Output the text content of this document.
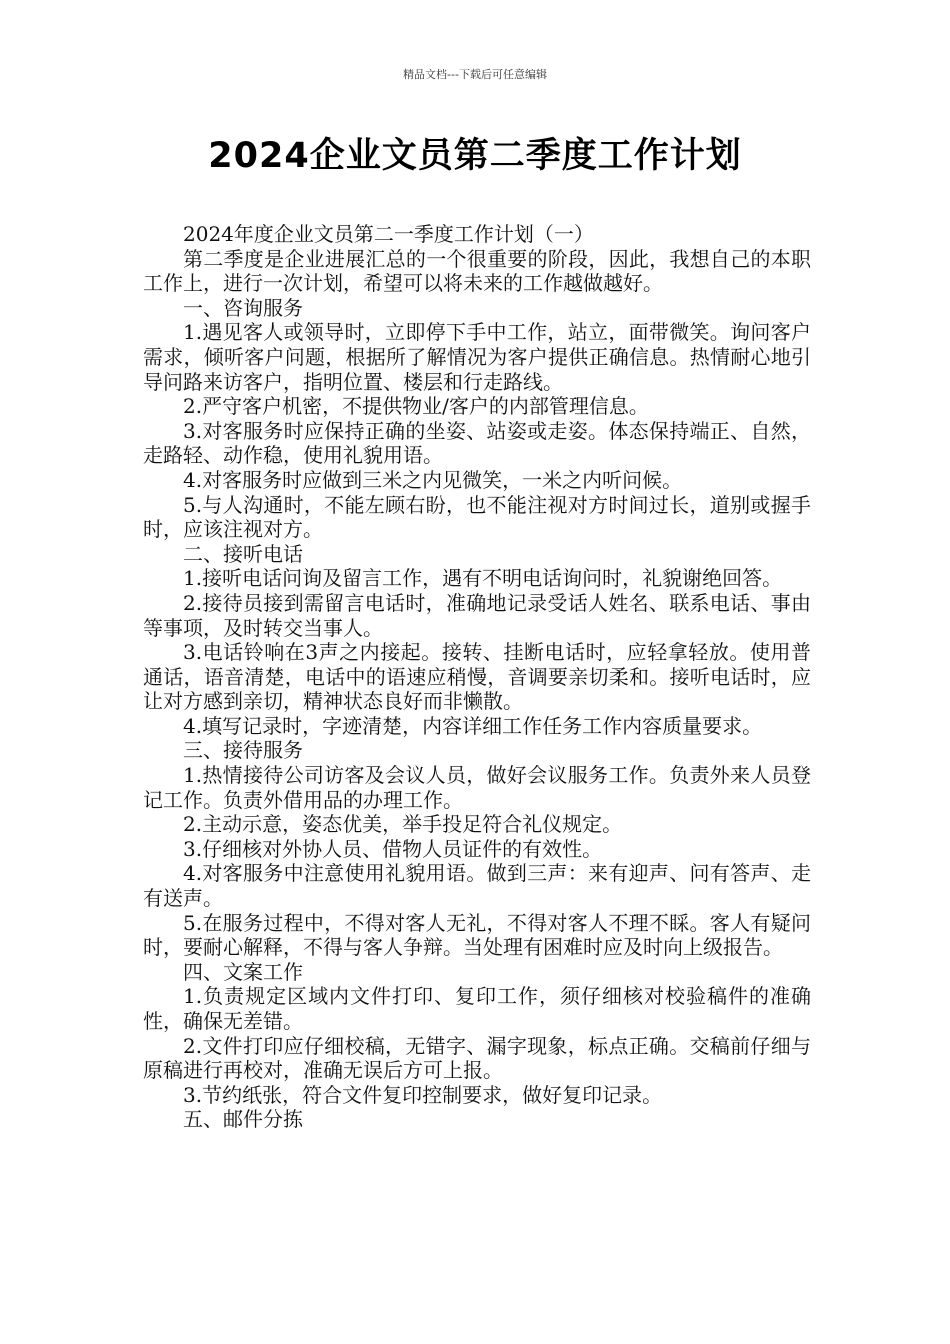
精品文档---下载后可任意编辑
2024企业文员第二季度工作计划

2024年度企业文员第二一季度工作计划（一）

第二季度是企业进展汇总的一个很重要的阶段，因此，我想自己的本职工作上，进行一次计划，希望可以将未来的工作越做越好。

一、咨询服务

1.遇见客人或领导时，立即停下手中工作，站立，面带微笑。询问客户需求，倾听客户问题，根据所了解情况为客户提供正确信息。热情耐心地引导问路来访客户，指明位置、楼层和行走路线。

2.严守客户机密，不提供物业/客户的内部管理信息。

3.对客服务时应保持正确的坐姿、站姿或走姿。体态保持端正、自然，走路轻、动作稳，使用礼貌用语。

4.对客服务时应做到三米之内见微笑，一米之内听问候。

5.与人沟通时，不能左顾右盼，也不能注视对方时间过长，道别或握手时，应该注视对方。

二、接听电话

1.接听电话问询及留言工作，遇有不明电话询问时，礼貌谢绝回答。

2.接待员接到需留言电话时，准确地记录受话人姓名、联系电话、事由等事项，及时转交当事人。

3.电话铃响在3声之内接起。接转、挂断电话时，应轻拿轻放。使用普通话，语音清楚，电话中的语速应稍慢，音调要亲切柔和。接听电话时，应让对方感到亲切，精神状态良好而非懒散。

4.填写记录时，字迹清楚，内容详细工作任务工作内容质量要求。

三、接待服务

1.热情接待公司访客及会议人员，做好会议服务工作。负责外来人员登记工作。负责外借用品的办理工作。

2.主动示意，姿态优美，举手投足符合礼仪规定。

3.仔细核对外协人员、借物人员证件的有效性。

4.对客服务中注意使用礼貌用语。做到三声：来有迎声、问有答声、走有送声。

5.在服务过程中，不得对客人无礼，不得对客人不理不睬。客人有疑问时，要耐心解释，不得与客人争辩。当处理有困难时应及时向上级报告。

四、文案工作

1.负责规定区域内文件打印、复印工作，须仔细核对校验稿件的准确性，确保无差错。

2.文件打印应仔细校稿，无错字、漏字现象，标点正确。交稿前仔细与原稿进行再校对，准确无误后方可上报。

3.节约纸张，符合文件复印控制要求，做好复印记录。

五、邮件分拣
